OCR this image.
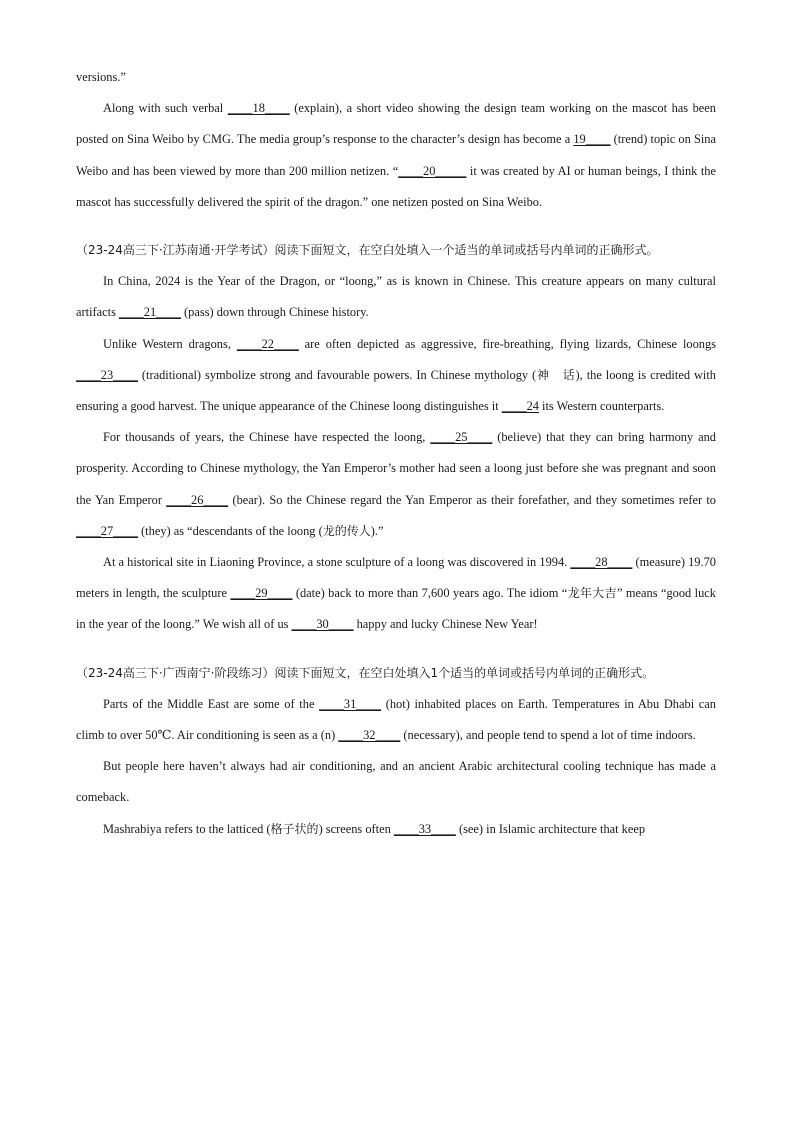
versions.”

Along with such verbal ____18____ (explain), a short video showing the design team working on the mascot has been posted on Sina Weibo by CMG. The media group’s response to the character’s design has become a 19____ (trend) topic on Sina Weibo and has been viewed by more than 200 million netizen. “____20_____ it was created by AI or human beings, I think the mascot has successfully delivered the spirit of the dragon.” one netizen posted on Sina Weibo.

（23-24高三下·江苏南通·开学考试）阅读下面短文，在空白处填入一个适当的单词或括号内单词的正确形式。

In China, 2024 is the Year of the Dragon, or “loong,” as is known in Chinese. This creature appears on many cultural artifacts ____21____ (pass) down through Chinese history.

Unlike Western dragons, ____22____ are often depicted as aggressive, fire-breathing, flying lizards, Chinese loongs ____23____ (traditional) symbolize strong and favourable powers. In Chinese mythology (神　话), the loong is credited with ensuring a good harvest. The unique appearance of the Chinese loong distinguishes it ____24 its Western counterparts.

For thousands of years, the Chinese have respected the loong, ____25____ (believe) that they can bring harmony and prosperity. According to Chinese mythology, the Yan Emperor’s mother had seen a loong just before she was pregnant and soon the Yan Emperor ____26____ (bear). So the Chinese regard the Yan Emperor as their forefather, and they sometimes refer to ____27____ (they) as “descendants of the loong (龙的传人).”

At a historical site in Liaoning Province, a stone sculpture of a loong was discovered in 1994. ____28____ (measure) 19.70 meters in length, the sculpture ____29____ (date) back to more than 7,600 years ago. The idiom “龙年大吉” means “good luck in the year of the loong.” We wish all of us ____30____ happy and lucky Chinese New Year!

（23-24高三下·广西南宁·阶段练习）阅读下面短文，在空白处填入1个适当的单词或括号内单词的正确形式。

Parts of the Middle East are some of the ____31____ (hot) inhabited places on Earth. Temperatures in Abu Dhabi can climb to over 50℃. Air conditioning is seen as a (n) ____32____ (necessary), and people tend to spend a lot of time indoors.

But people here haven’t always had air conditioning, and an ancient Arabic architectural cooling technique has made a comeback.

Mashrabiya refers to the latticed (格子状的) screens often ____33____ (see) in Islamic architecture that keep
